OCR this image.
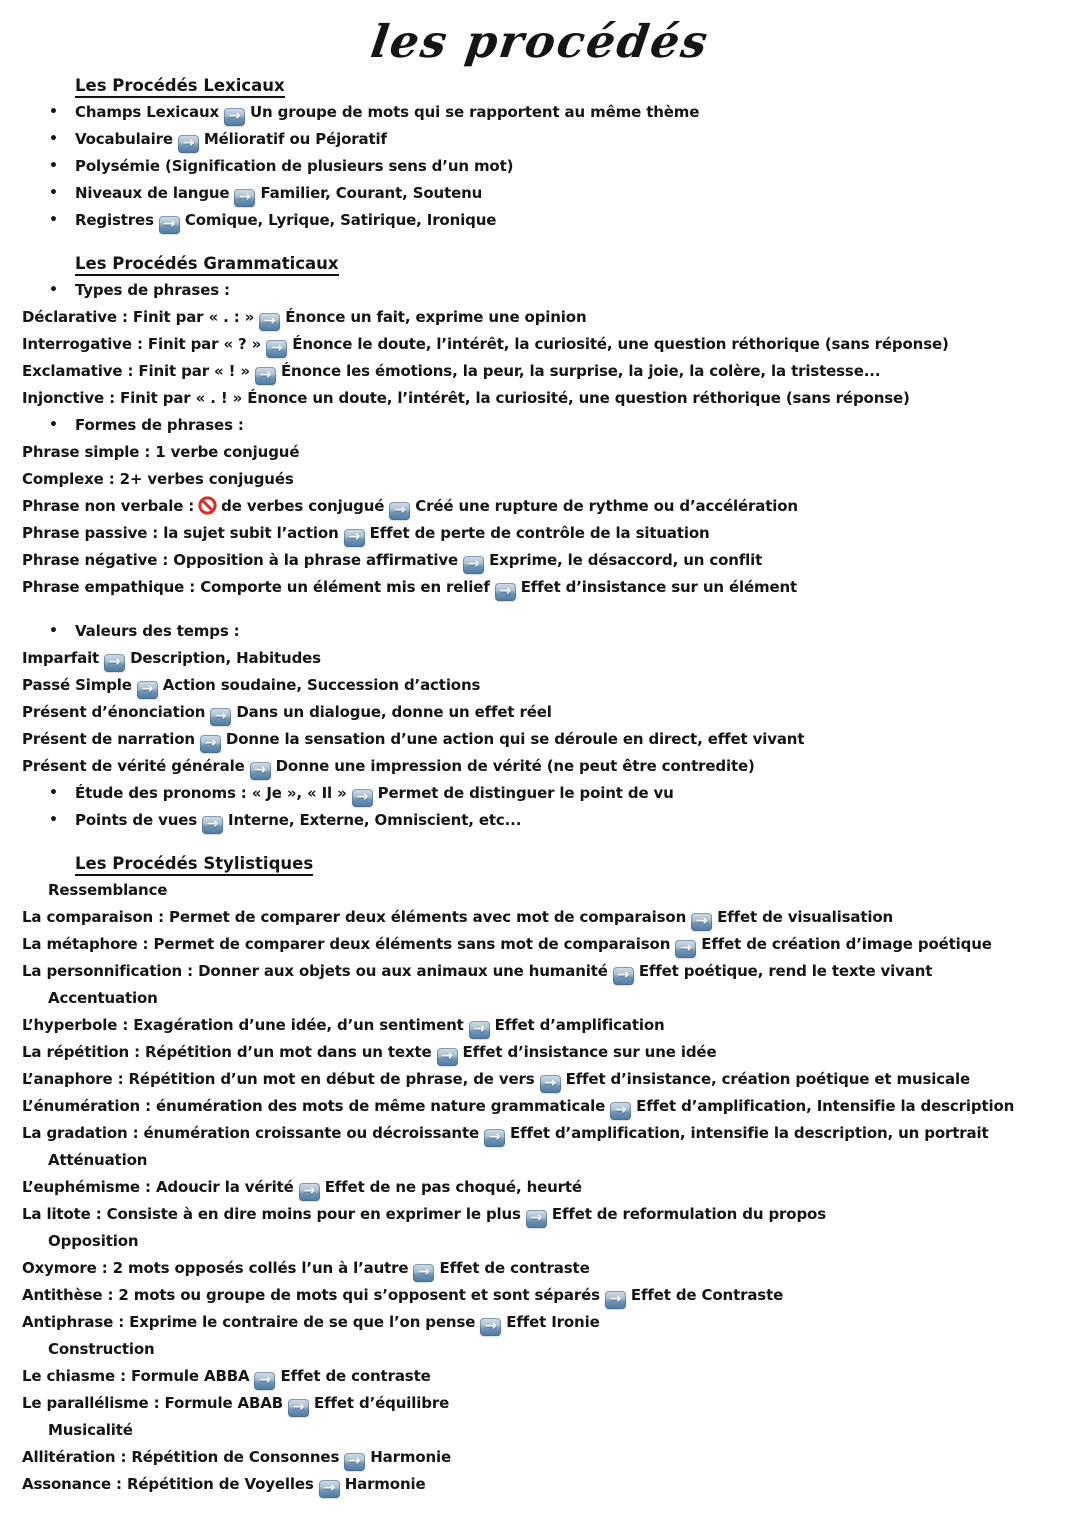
les procédés
Les Procédés Lexicaux
• Champs Lexicaux → Un groupe de mots qui se rapportent au même thème
• Vocabulaire → Mélioratif ou Péjoratif
• Polysémie (Signification de plusieurs sens d’un mot)
• Niveaux de langue → Familier, Courant, Soutenu
• Registres → Comique, Lyrique, Satirique, Ironique
Les Procédés Grammaticaux
• Types de phrases :
Déclarative : Finit par « . : » → Énonce un fait, exprime une opinion
Interrogative : Finit par « ? » → Énonce le doute, l’intérêt, la curiosité, une question réthorique (sans réponse)
Exclamative : Finit par « ! » → Énonce les émotions, la peur, la surprise, la joie, la colère, la tristesse...
Injonctive : Finit par « . ! » Énonce un doute, l’intérêt, la curiosité, une question réthorique (sans réponse)
• Formes de phrases :
Phrase simple : 1 verbe conjugué
Complexe : 2+ verbes conjugués
Phrase non verbale : de verbes conjugué → Créé une rupture de rythme ou d’accélération
Phrase passive : la sujet subit l’action → Effet de perte de contrôle de la situation
Phrase négative : Opposition à la phrase affirmative → Exprime, le désaccord, un conflit
Phrase empathique : Comporte un élément mis en relief → Effet d’insistance sur un élément
• Valeurs des temps :
Imparfait → Description, Habitudes
Passé Simple → Action soudaine, Succession d’actions
Présent d’énonciation → Dans un dialogue, donne un effet réel
Présent de narration → Donne la sensation d’une action qui se déroule en direct, effet vivant
Présent de vérité générale → Donne une impression de vérité (ne peut être contredite)
• Étude des pronoms : « Je », « Il » → Permet de distinguer le point de vu
• Points de vues → Interne, Externe, Omniscient, etc...
Les Procédés Stylistiques
Ressemblance
La comparaison : Permet de comparer deux éléments avec mot de comparaison → Effet de visualisation
La métaphore : Permet de comparer deux éléments sans mot de comparaison → Effet de création d’image poétique
La personnification : Donner aux objets ou aux animaux une humanité → Effet poétique, rend le texte vivant
Accentuation
L’hyperbole : Exagération d’une idée, d’un sentiment → Effet d’amplification
La répétition : Répétition d’un mot dans un texte → Effet d’insistance sur une idée
L’anaphore : Répétition d’un mot en début de phrase, de vers → Effet d’insistance, création poétique et musicale
L’énumération : énumération des mots de même nature grammaticale → Effet d’amplification, Intensifie la description
La gradation : énumération croissante ou décroissante → Effet d’amplification, intensifie la description, un portrait
Atténuation
L’euphémisme : Adoucir la vérité → Effet de ne pas choqué, heurté
La litote : Consiste à en dire moins pour en exprimer le plus → Effet de reformulation du propos
Opposition
Oxymore : 2 mots opposés collés l’un à l’autre → Effet de contraste
Antithèse : 2 mots ou groupe de mots qui s’opposent et sont séparés → Effet de Contraste
Antiphrase : Exprime le contraire de se que l’on pense → Effet Ironie
Construction
Le chiasme : Formule ABBA → Effet de contraste
Le parallélisme : Formule ABAB → Effet d’équilibre
Musicalité
Allitération : Répétition de Consonnes → Harmonie
Assonance : Répétition de Voyelles → Harmonie
